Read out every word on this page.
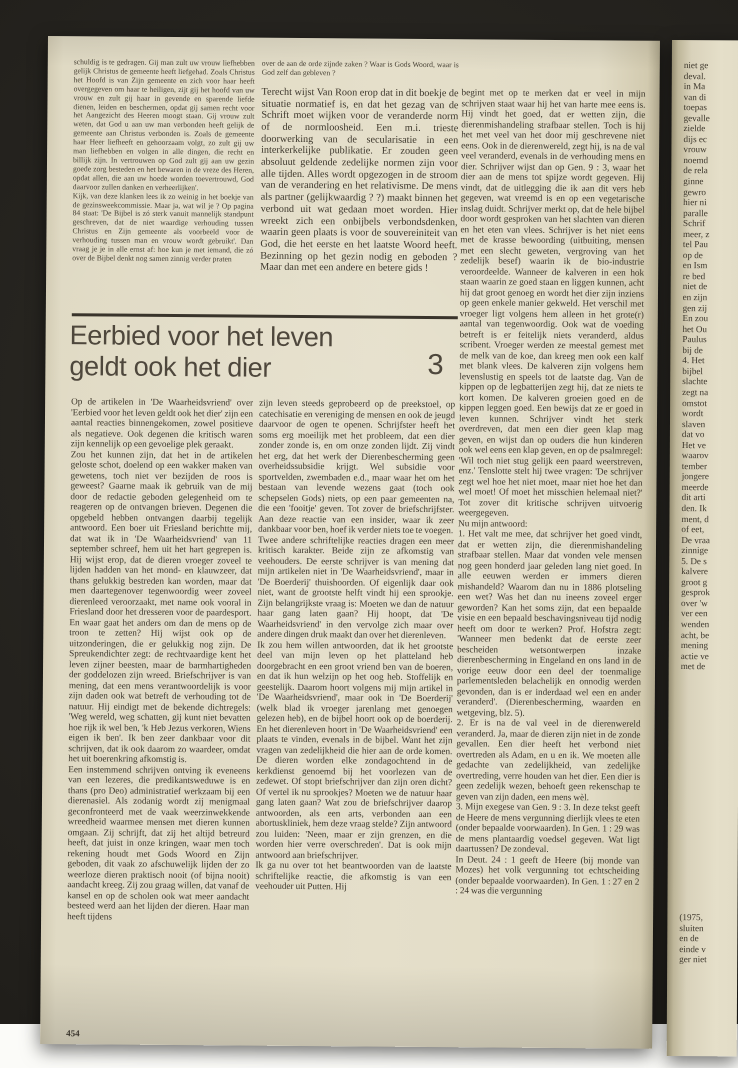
schuldig is te gedragen. Gij man zult uw vrouw liefhebben gelijk Christus de gemeente heeft liefgehad. Zoals Christus het Hoofd is van Zijn gemeente en zich voor haar heeft overgegeven om haar te heiligen, zijt gij het hoofd van uw vrouw en zult gij haar in gevende en sparende liefde dienen, leiden en beschermen, opdat gij samen recht voor het Aangezicht des Heeren moogt staan. Gij vrouw zult weten, dat God u aan uw man verbonden heeft gelijk de gemeente aan Christus verbonden is. Zoals de gemeente haar Heer liefheeft en gehoorzaam volgt, zo zult gij uw man liefhebben en volgen in alle dingen, die recht en billijk zijn. In vertrouwen op God zult gij aan uw gezin goede zorg besteden en het bewaren in de vreze des Heren, opdat allen, die aan uw hoede worden toevertrouwd, God daarvoor zullen danken en verheerlijken'.

Kijk, van deze klanken lees ik zo weinig in het boekje van de gezinsweekcommissie. Maar ja, wat wil je ? Op pagina 84 staat: 'De Bijbel is zó sterk vanuit mannelijk standpunt geschreven, dat de niet waardige verhouding tussen Christus en Zijn gemeente als voorbeeld voor de verhouding tussen man en vrouw wordt gebruikt'. Dan vraag je je in alle ernst af: hoe kun je met iemand, die zó over de Bijbel denkt nog samen zinnig verder praten

over de aan de orde zijnde zaken ? Waar is Gods Woord, waar is God zelf dan gebleven ?

Terecht wijst Van Roon erop dat in dit boekje de situatie normatief is, en dat het gezag van de Schrift moet wijken voor de veranderde norm of de normloosheid. Een m.i. trieste doorwerking van de secularisatie in een interkerkelijke publikatie. Er zouden geen absoluut geldende zedelijke normen zijn voor alle tijden. Alles wordt opgezogen in de stroom van de verandering en het relativisme. De mens als partner (gelijkwaardig ? ?) maakt binnen het verbond uit wat gedaan moet worden. Hier wreekt zich een onbijbels verbondsdenken, waarin geen plaats is voor de souvereiniteit van God, die het eerste en het laatste Woord heeft. Bezinning op het gezin nodig en geboden ? Maar dan met een andere en betere gids !

Eerbied voor het leven
geldt ook het dier	3

Op de artikelen in 'De Waarheidsvriend' over 'Eerbied voor het leven geldt ook het dier' zijn een aantal reacties binnengekomen, zowel positieve als negatieve. Ook degenen die kritisch waren zijn kennelijk op een gevoelige plek geraakt.

Zou het kunnen zijn, dat het in de artikelen geloste schot, doelend op een wakker maken van gewetens, toch niet ver bezijden de roos is geweest? Gaarne maak ik gebruik van de mij door de redactie geboden gelegenheid om te reageren op de ontvangen brieven. Degenen die opgebeld hebben ontvangen daarbij tegelijk antwoord. Een boer uit Friesland berichtte mij, dat wat ik in 'De Waarheidsvriend' van 11 september schreef, hem uit het hart gegrepen is. Hij wijst erop, dat de dieren vroeger zoveel te lijden hadden van het mond- en klauwzeer, dat thans gelukkig bestreden kan worden, maar dat men daartegenover tegenwoordig weer zoveel dierenleed veroorzaakt, met name ook vooral in Friesland door het dresseren voor de paardesport. En waar gaat het anders om dan de mens op de troon te zetten? Hij wijst ook op de uitzonderingen, die er gelukkig nog zijn. De Spreukendichter zegt: de rechtvaardige kent het leven zijner beesten, maar de barmhartigheden der goddelozen zijn wreed. Briefschrijver is van mening, dat een mens verantwoordelijk is voor zijn daden ook wat betreft de verhouding tot de natuur. Hij eindigt met de bekende dichtregels: 'Weg wereld, weg schatten, gij kunt niet bevatten hoe rijk ik wel ben, 'k Heb Jezus verkoren, Wiens eigen ik ben'. Ik ben zeer dankbaar voor dit schrijven, dat ik ook daarom zo waardeer, omdat het uit boerenkring afkomstig is.

Een instemmend schrijven ontving ik eveneens van een lezeres, die predikantsweduwe is en thans (pro Deo) administratief werkzaam bij een dierenasiel. Als zodanig wordt zij menigmaal geconfronteerd met de vaak weerzinwekkende wreedheid waarmee mensen met dieren kunnen omgaan. Zij schrijft, dat zij het altijd betreurd heeft, dat juist in onze kringen, waar men toch rekening houdt met Gods Woord en Zijn geboden, dit vaak zo afschuwelijk lijden der zo weerloze dieren praktisch nooit (of bijna nooit) aandacht kreeg. Zij zou graag willen, dat vanaf de kansel en op de scholen ook wat meer aandacht besteed werd aan het lijden der dieren. Haar man heeft tijdens

zijn leven steeds geprobeerd op de preekstoel, op catechisatie en vereniging de mensen en ook de jeugd daarvoor de ogen te openen. Schrijfster heeft het soms erg moeilijk met het probleem, dat een dier zonder zonde is, en om onze zonden lijdt. Zij vindt het erg, dat het werk der Dierenbescherming geen overheidssubsidie krijgt. Wel subsidie voor sportvelden, zwembaden e.d., maar waar het om het bestaan van levende wezens gaat (toch ook schepselen Gods) niets, op een paar gemeenten na, die een 'fooitje' geven. Tot zover de briefschrijfster. Aan deze reactie van een insider, waar ik zeer dankbaar voor ben, hoef ik verder niets toe te voegen.

Twee andere schriftelijke reacties dragen een meer kritisch karakter. Beide zijn ze afkomstig van veehouders. De eerste schrijver is van mening dat mijn artikelen niet in 'De Waarheidsvriend', maar in 'De Boerderij' thuishoorden. Of eigenlijk daar ook niet, want de grootste helft vindt hij een sprookje. Zijn belangrijkste vraag is: Moeten we dan de natuur haar gang laten gaan? Hij hoopt, dat 'De Waarheidsvriend' in den vervolge zich maar over andere dingen druk maakt dan over het dierenleven.

Ik zou hem willen antwoorden, dat ik het grootste deel van mijn leven op het platteland heb doorgebracht en een groot vriend ben van de boeren, en dat ik hun welzijn op het oog heb. Stoffelijk en geestelijk. Daarom hoort volgens mij mijn artikel in 'De Waarheidsvriend', maar ook in 'De Boerderij' (welk blad ik vroeger jarenlang met genoegen gelezen heb), en de bijbel hoort ook op de boerderij. En het dierenleven hoort in 'De Waarheidsvriend' een plaats te vinden, evenals in de bijbel. Want het zijn vragen van zedelijkheid die hier aan de orde komen. De dieren worden elke zondagochtend in de kerkdienst genoemd bij het voorlezen van de zedewet. Of stopt briefschrijver dan zijn oren dicht? Of vertel ik nu sprookjes? Moeten we de natuur haar gang laten gaan? Wat zou de briefschrijver daarop antwoorden, als een arts, verbonden aan een abortuskliniek, hem deze vraag stelde? Zijn antwoord zou luiden: 'Neen, maar er zijn grenzen, en die worden hier verre overschreden'. Dat is ook mijn antwoord aan briefschrijver.

Ik ga nu over tot het beantwoorden van de laatste schriftelijke reactie, die afkomstig is van een veehouder uit Putten. Hij

begint met op te merken dat er veel in mijn schrijven staat waar hij het van harte mee eens is. Hij vindt het goed, dat er wetten zijn, die dierenmishandeling strafbaar stellen. Toch is hij het met veel van het door mij geschrevene niet eens. Ook in de dierenwereld, zegt hij, is na de val veel veranderd, evenals in de verhouding mens en dier. Schrijver wijst dan op Gen. 9 : 3, waar het dier aan de mens tot spijze wordt gegeven. Hij vindt, dat de uitlegging die ik aan dit vers heb gegeven, wat vreemd is en op een vegetarische inslag duidt. Schrijver merkt op, dat de hele bijbel door wordt gesproken van het slachten van dieren en het eten van vlees. Schrijver is het niet eens met de krasse bewoording (uitbuiting, mensen met een slecht geweten, vergroving van het zedelijk besef) waarin ik de bio-industrie veroordeelde. Wanneer de kalveren in een hok staan waarin ze goed staan en liggen kunnen, acht hij dat groot genoeg en wordt het dier zijn inziens op geen enkele manier gekweld. Het verschil met vroeger ligt volgens hem alleen in het grote(r) aantal van tegenwoordig. Ook wat de voeding betreft is er feitelijk niets veranderd, aldus scribent. Vroeger werden ze meestal gemest met de melk van de koe, dan kreeg men ook een kalf met blank vlees. De kalveren zijn volgens hem levenslustig en speels tot de laatste dag. Van de kippen op de legbatterijen zegt hij, dat ze niets te kort komen. De kalveren groeien goed en de kippen leggen goed. Een bewijs dat ze er goed in leven kunnen. Schrijver vindt het sterk overdreven, dat men een dier geen klap mag geven, en wijst dan op ouders die hun kinderen ook wel eens een klap geven, en op de psalmregel: 'Wil toch niet stug gelijk een paard weerstreven, enz.' Tenslotte stelt hij twee vragen: 'De schrijver zegt wel hoe het niet moet, maar niet hoe het dan wel moet! Of moet het misschien helemaal niet?' Tot zover dit kritische schrijven uitvoerig weergegeven.

Nu mijn antwoord:

1. Het valt me mee, dat schrijver het goed vindt, dat er wetten zijn, die dierenmishandeling strafbaar stellen. Maar dat vonden vele mensen nog geen honderd jaar geleden lang niet goed. In alle eeuwen werden er immers dieren mishandeld? Waarom dan nu in 1886 plotseling een wet? Was het dan nu ineens zoveel erger geworden? Kan het soms zijn, dat een bepaalde visie en een bepaald beschavingsniveau tijd nodig heeft om door te werken? Prof. Hofstra zegt: 'Wanneer men bedenkt dat de eerste zeer bescheiden wetsontwerpen inzake dierenbescherming in Engeland en ons land in de vorige eeuw door een deel der toenmalige parlementsleden belachelijk en onnodig werden gevonden, dan is er inderdaad wel een en ander veranderd'. (Dierenbescherming, waarden en wetgeving, blz. 5).

2. Er is na de val veel in de dierenwereld veranderd. Ja, maar de dieren zijn niet in de zonde gevallen. Een dier heeft het verbond niet overtreden als Adam, en u en ik. We moeten alle gedachte van zedelijkheid, van zedelijke overtreding, verre houden van het dier. Een dier is geen zedelijk wezen, behoeft geen rekenschap te geven van zijn daden, een mens wèl.

3. Mijn exegese van Gen. 9 : 3. In deze tekst geeft de Heere de mens vergunning dierlijk vlees te eten (onder bepaalde voorwaarden). In Gen. 1 : 29 was de mens plantaardig voedsel gegeven. Wat ligt daartussen? De zondeval.

In Deut. 24 : 1 geeft de Heere (bij monde van Mozes) het volk vergunning tot echtscheiding (onder bepaalde voorwaarden). In Gen. 1 : 27 en 2 : 24 was die vergunning

454
niet ge
deval.
in Ma
van di
toepas
gevalle
zielde
dijs ec
vrouw
noemd
de rela
ginne
gewro
hier ni
paralle
Schrif
meer, z
tel Pau
op de
en Ism
re bed
niet de
en zijn
gen zij
En zou
het Ou
Paulus
bij de
4. Het
bijbel
slachte
zegt na
omstot
wordt
slaven
dat vo
Het ve
waarov
tember
jongere
meerde
dit arti
den. Ik
ment, d
of eet,
De vraa
zinnige
5. De s
kalvere
groot g
gesprok
over 'w
ver een
wenden
acht, be
mening
actie ve
met de
(1975,
sluiten
en de
einde v
ger niet
